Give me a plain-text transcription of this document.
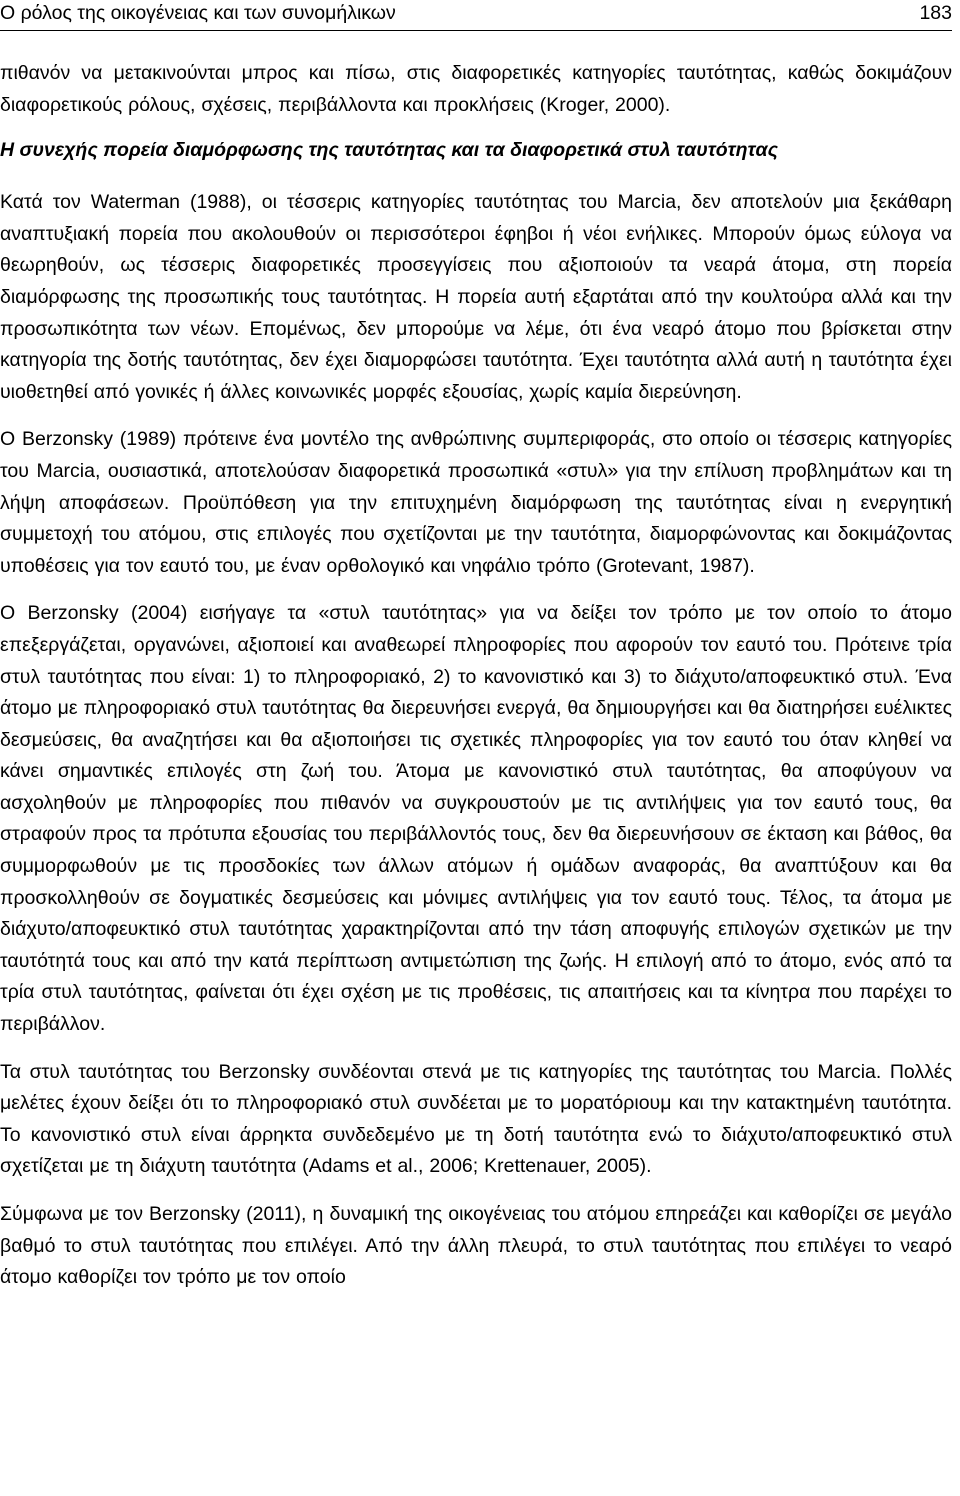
Ο ρόλος της οικογένειας και των συνομήλικων	183

πιθανόν να μετακινούνται μπρος και πίσω, στις διαφορετικές κατηγορίες ταυτότητας, καθώς δοκιμάζουν διαφορετικούς ρόλους, σχέσεις, περιβάλλοντα και προκλήσεις (Kroger, 2000).

Η συνεχής πορεία διαμόρφωσης της ταυτότητας και τα διαφορετικά στυλ ταυτότητας

Κατά τον Waterman (1988), οι τέσσερις κατηγορίες ταυτότητας του Marcia, δεν αποτελούν μια ξεκάθαρη αναπτυξιακή πορεία που ακολουθούν οι περισσότεροι έφηβοι ή νέοι ενήλικες. Μπορούν όμως εύλογα να θεωρηθούν, ως τέσσερις διαφορετικές προσεγγίσεις που αξιοποιούν τα νεαρά άτομα, στη πορεία διαμόρφωσης της προσωπικής τους ταυτότητας. Η πορεία αυτή εξαρτάται από την κουλτούρα αλλά και την προσωπικότητα των νέων. Επομένως, δεν μπορούμε να λέμε, ότι ένα νεαρό άτομο που βρίσκεται στην κατηγορία της δοτής ταυτότητας, δεν έχει διαμορφώσει ταυτότητα. Έχει ταυτότητα αλλά αυτή η ταυτότητα έχει υιοθετηθεί από γονικές ή άλλες κοινωνικές μορφές εξουσίας, χωρίς καμία διερεύνηση.

Ο Berzonsky (1989) πρότεινε ένα μοντέλο της ανθρώπινης συμπεριφοράς, στο οποίο οι τέσσερις κατηγορίες του Marcia, ουσιαστικά, αποτελούσαν διαφορετικά προσωπικά «στυλ» για την επίλυση προβλημάτων και τη λήψη αποφάσεων. Προϋπόθεση για την επιτυχημένη διαμόρφωση της ταυτότητας είναι η ενεργητική συμμετοχή του ατόμου, στις επιλογές που σχετίζονται με την ταυτότητα, διαμορφώνοντας και δοκιμάζοντας υποθέσεις για τον εαυτό του, με έναν ορθολογικό και νηφάλιο τρόπο (Grotevant, 1987).

Ο Berzonsky (2004) εισήγαγε τα «στυλ ταυτότητας» για να δείξει τον τρόπο με τον οποίο το άτομο επεξεργάζεται, οργανώνει, αξιοποιεί και αναθεωρεί πληροφορίες που αφορούν τον εαυτό του. Πρότεινε τρία στυλ ταυτότητας που είναι: 1) το πληροφοριακό, 2) το κανονιστικό και 3) το διάχυτο/αποφευκτικό στυλ. Ένα άτομο με πληροφοριακό στυλ ταυτότητας θα διερευνήσει ενεργά, θα δημιουργήσει και θα διατηρήσει ευέλικτες δεσμεύσεις, θα αναζητήσει και θα αξιοποιήσει τις σχετικές πληροφορίες για τον εαυτό του όταν κληθεί να κάνει σημαντικές επιλογές στη ζωή του. Άτομα με κανονιστικό στυλ ταυτότητας, θα αποφύγουν να ασχοληθούν με πληροφορίες που πιθανόν να συγκρουστούν με τις αντιλήψεις για τον εαυτό τους, θα στραφούν προς τα πρότυπα εξουσίας του περιβάλλοντός τους, δεν θα διερευνήσουν σε έκταση και βάθος, θα συμμορφωθούν με τις προσδοκίες των άλλων ατόμων ή ομάδων αναφοράς, θα αναπτύξουν και θα προσκολληθούν σε δογματικές δεσμεύσεις και μόνιμες αντιλήψεις για τον εαυτό τους. Τέλος, τα άτομα με διάχυτο/αποφευκτικό στυλ ταυτότητας χαρακτηρίζονται από την τάση αποφυγής επιλογών σχετικών με την ταυτότητά τους και από την κατά περίπτωση αντιμετώπιση της ζωής. Η επιλογή από το άτομο, ενός από τα τρία στυλ ταυτότητας, φαίνεται ότι έχει σχέση με τις προθέσεις, τις απαιτήσεις και τα κίνητρα που παρέχει το περιβάλλον.

Τα στυλ ταυτότητας του Berzonsky συνδέονται στενά με τις κατηγορίες της ταυτότητας του Marcia. Πολλές μελέτες έχουν δείξει ότι το πληροφοριακό στυλ συνδέεται με το μορατόριουμ και την κατακτημένη ταυτότητα. Το κανονιστικό στυλ είναι άρρηκτα συνδεδεμένο με τη δοτή ταυτότητα ενώ το διάχυτο/αποφευκτικό στυλ σχετίζεται με τη διάχυτη ταυτότητα (Adams et al., 2006; Krettenauer, 2005).

Σύμφωνα με τον Berzonsky (2011), η δυναμική της οικογένειας του ατόμου επηρεάζει και καθορίζει σε μεγάλο βαθμό το στυλ ταυτότητας που επιλέγει. Από την άλλη πλευρά, το στυλ ταυτότητας που επιλέγει το νεαρό άτομο καθορίζει τον τρόπο με τον οποίο
